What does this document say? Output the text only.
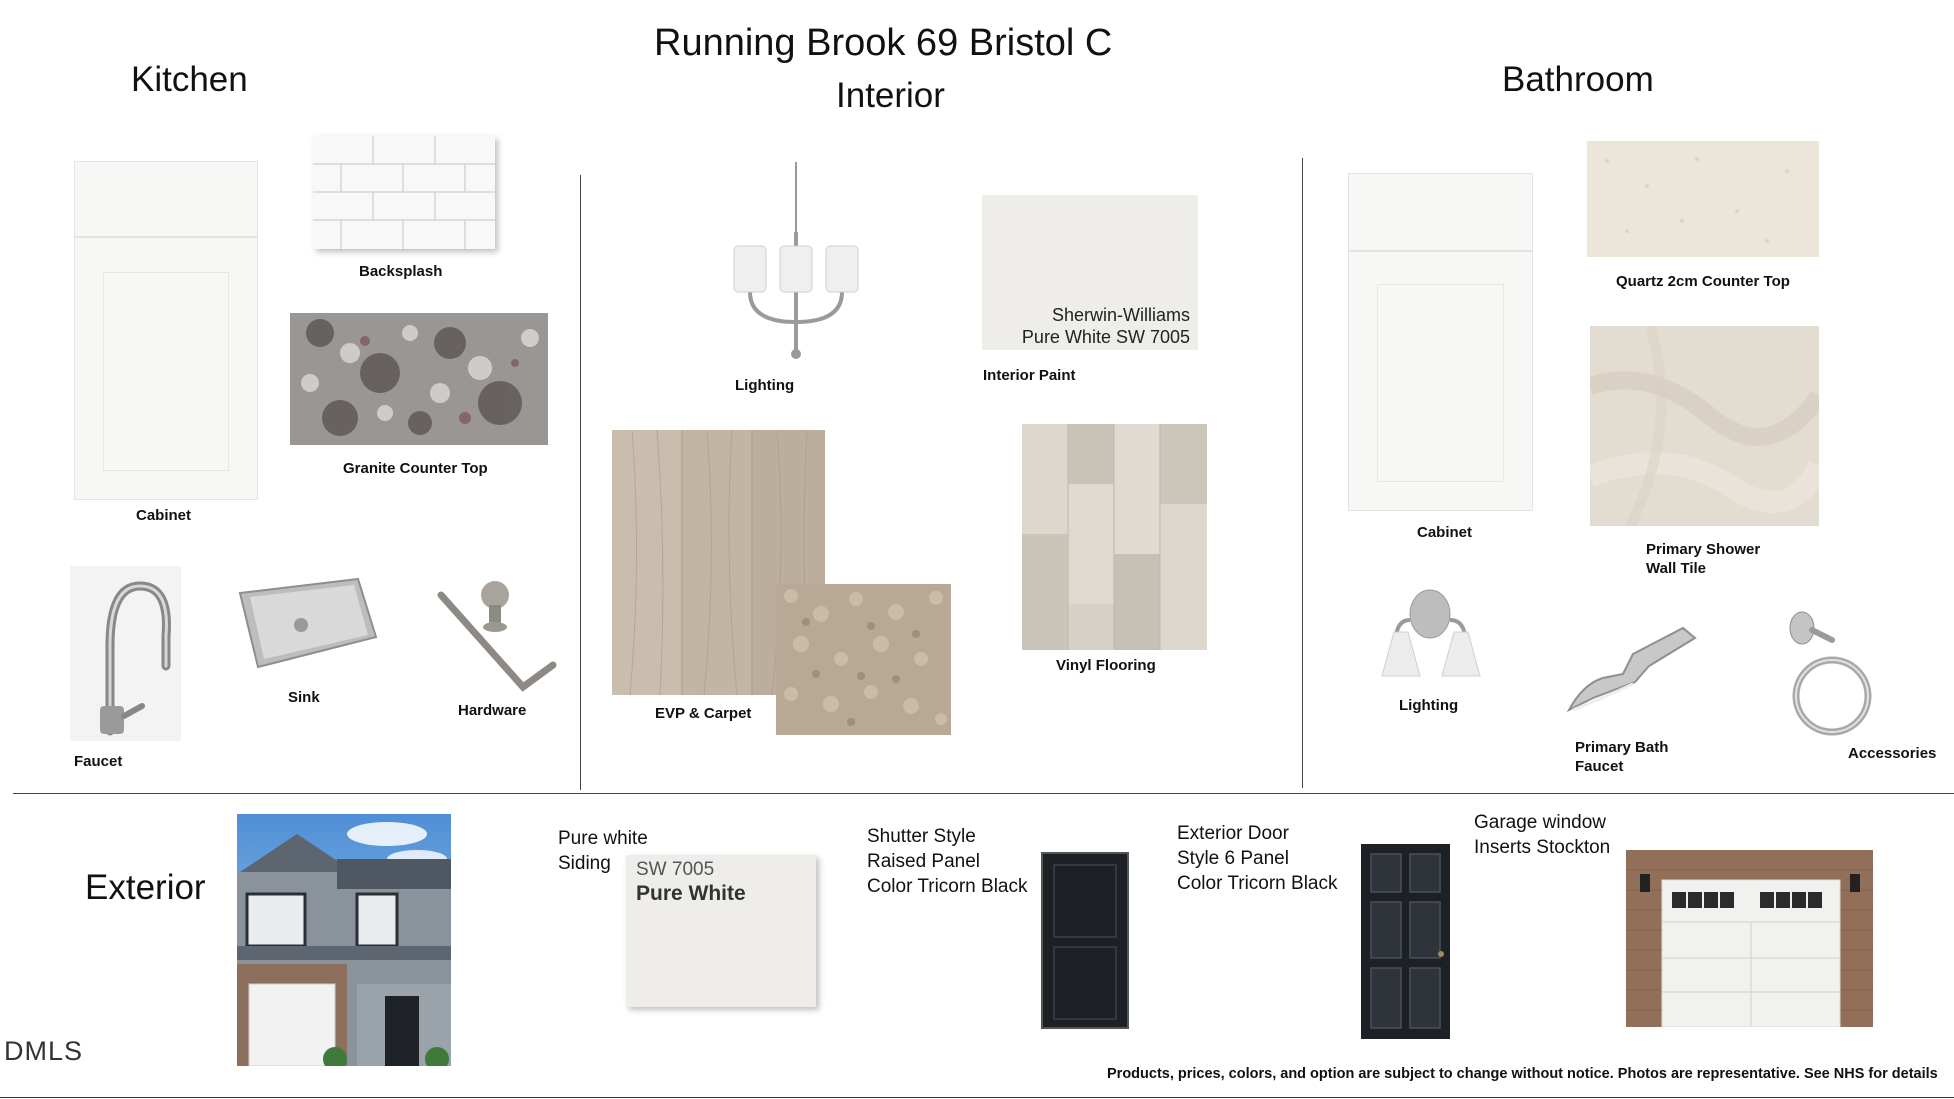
Running Brook 69 Bristol C
Kitchen	Interior	Bathroom
Exterior
Cabinet
Backsplash
Granite Counter Top
Faucet
Sink
Hardware
Lighting
Sherwin-Williams
Pure White SW 7005
Interior Paint
EVP & Carpet
Vinyl Flooring
Cabinet
Quartz 2cm Counter Top
Primary Shower
Wall Tile
Lighting
Primary Bath
Faucet
Accessories
Pure white
Siding	SW 7005
Pure White
Shutter Style
Raised Panel
Color Tricorn Black
Exterior Door
Style 6 Panel
Color Tricorn Black
Garage window
Inserts Stockton
DMLS
Products, prices, colors, and option are subject to change without notice. Photos are representative. See NHS for details
